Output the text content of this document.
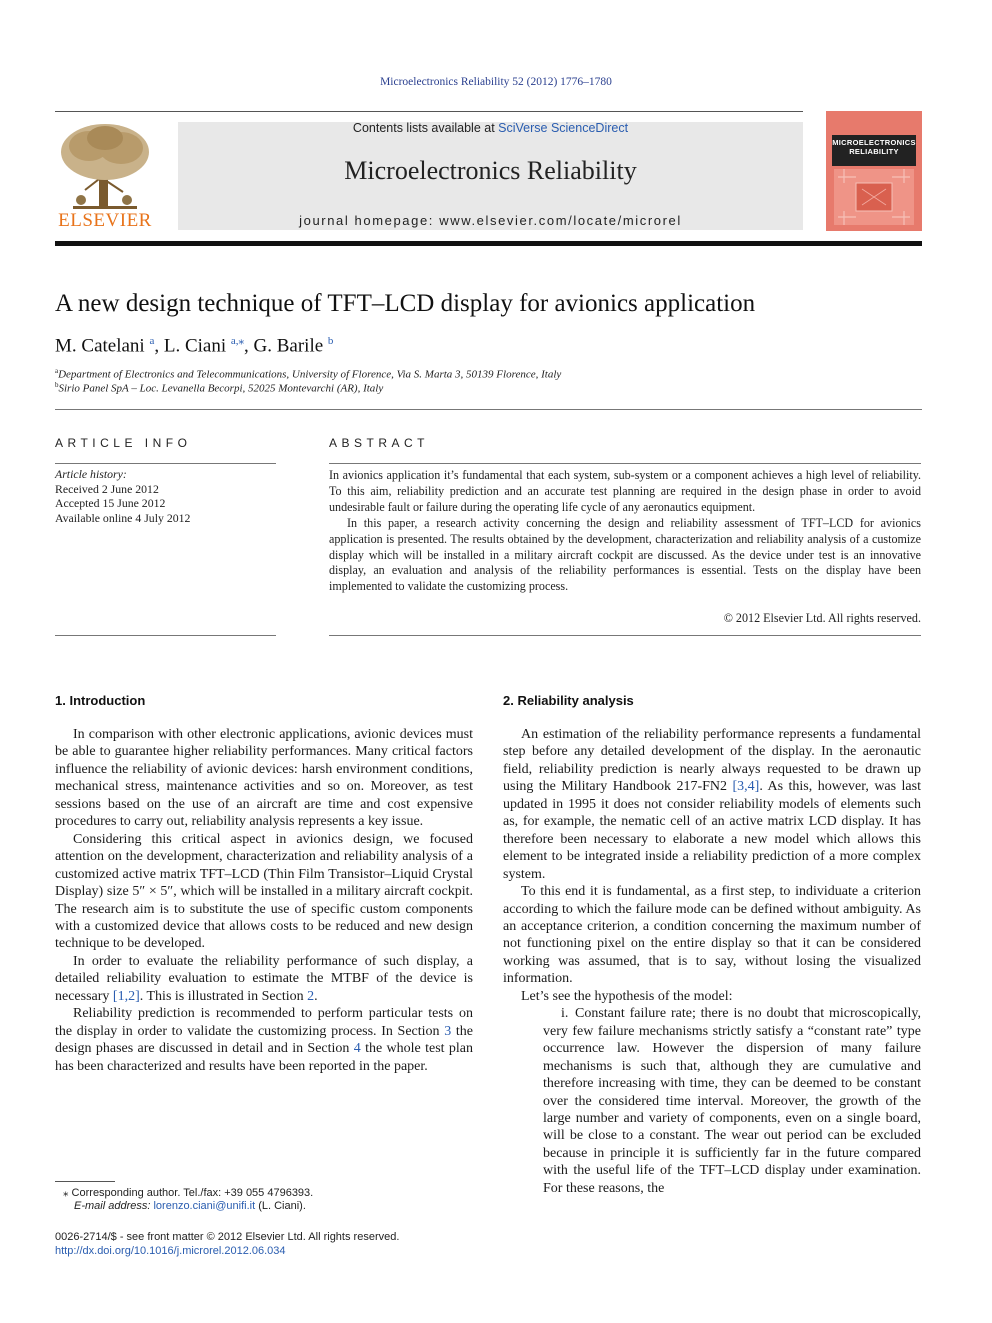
Microelectronics Reliability 52 (2012) 1776–1780
ELSEVIER
Contents lists available at SciVerse ScienceDirect
Microelectronics Reliability
journal homepage: www.elsevier.com/locate/microrel
MICROELECTRONICS RELIABILITY
A new design technique of TFT–LCD display for avionics application
M. Catelani $^a$, L. Ciani $^{a,⁎}$, G. Barile $^b$
$^a$Department of Electronics and Telecommunications, University of Florence, Via S. Marta 3, 50139 Florence, Italy
$^b$Sirio Panel SpA – Loc. Levanella Becorpi, 52025 Montevarchi (AR), Italy
ARTICLE INFO
Article history:
Received 2 June 2012
Accepted 15 June 2012
Available online 4 July 2012
ABSTRACT

In avionics application it’s fundamental that each system, sub-system or a component achieves a high level of reliability. To this aim, reliability prediction and an accurate test planning are required in the design phase in order to avoid undesirable fault or failure during the operating life cycle of any aeronautics equipment.

In this paper, a research activity concerning the design and reliability assessment of TFT–LCD for avionics application is presented. The results obtained by the development, characterization and reliability analysis of a customize display which will be installed in a military aircraft cockpit are discussed. As the device under test is an innovative display, an evaluation and analysis of the reliability performances is essential. Tests on the display have been implemented to validate the customizing process.

© 2012 Elsevier Ltd. All rights reserved.
1. Introduction

In comparison with other electronic applications, avionic devices must be able to guarantee higher reliability performances. Many critical factors influence the reliability of avionic devices: harsh environment conditions, mechanical stress, maintenance activities and so on. Moreover, as test sessions based on the use of an aircraft are time and cost expensive procedures to carry out, reliability analysis represents a key issue.

Considering this critical aspect in avionics design, we focused attention on the development, characterization and reliability analysis of a customized active matrix TFT–LCD (Thin Film Transistor–Liquid Crystal Display) size 5″ × 5″, which will be installed in a military aircraft cockpit. The research aim is to substitute the use of specific custom components with a customized device that allows costs to be reduced and new design technique to be developed.

In order to evaluate the reliability performance of such display, a detailed reliability evaluation to estimate the MTBF of the device is necessary [1,2]. This is illustrated in Section 2.

Reliability prediction is recommended to perform particular tests on the display in order to validate the customizing process. In Section 3 the design phases are discussed in detail and in Section 4 the whole test plan has been characterized and results have been reported in the paper.

2. Reliability analysis

An estimation of the reliability performance represents a fundamental step before any detailed development of the display. In the aeronautic field, reliability prediction is nearly always requested to be drawn up using the Military Handbook 217-FN2 [3,4]. As this, however, was last updated in 1995 it does not consider reliability models of elements such as, for example, the nematic cell of an active matrix LCD display. It has therefore been necessary to elaborate a new model which allows this element to be integrated inside a reliability prediction of a more complex system.

To this end it is fundamental, as a first step, to individuate a criterion according to which the failure mode can be defined without ambiguity. As an acceptance criterion, a condition concerning the maximum number of not functioning pixel on the entire display so that it can be considered working was assumed, that is to say, without losing the visualized information.

Let’s see the hypothesis of the model:

i. Constant failure rate; there is no doubt that microscopically, very few failure mechanisms strictly satisfy a “constant rate” type occurrence law. However the dispersion of many failure mechanisms is such that, although they are cumulative and therefore increasing with time, they can be deemed to be constant over the considered time interval. Moreover, the growth of the large number and variety of components, even on a single board, will be close to a constant. The wear out period can be excluded because in principle it is sufficiently far in the future compared with the useful life of the TFT–LCD display under examination. For these reasons, the

⁎ Corresponding author. Tel./fax: +39 055 4796393.
E-mail address: lorenzo.ciani@unifi.it (L. Ciani).
0026-2714/$ - see front matter © 2012 Elsevier Ltd. All rights reserved.
http://dx.doi.org/10.1016/j.microrel.2012.06.034
